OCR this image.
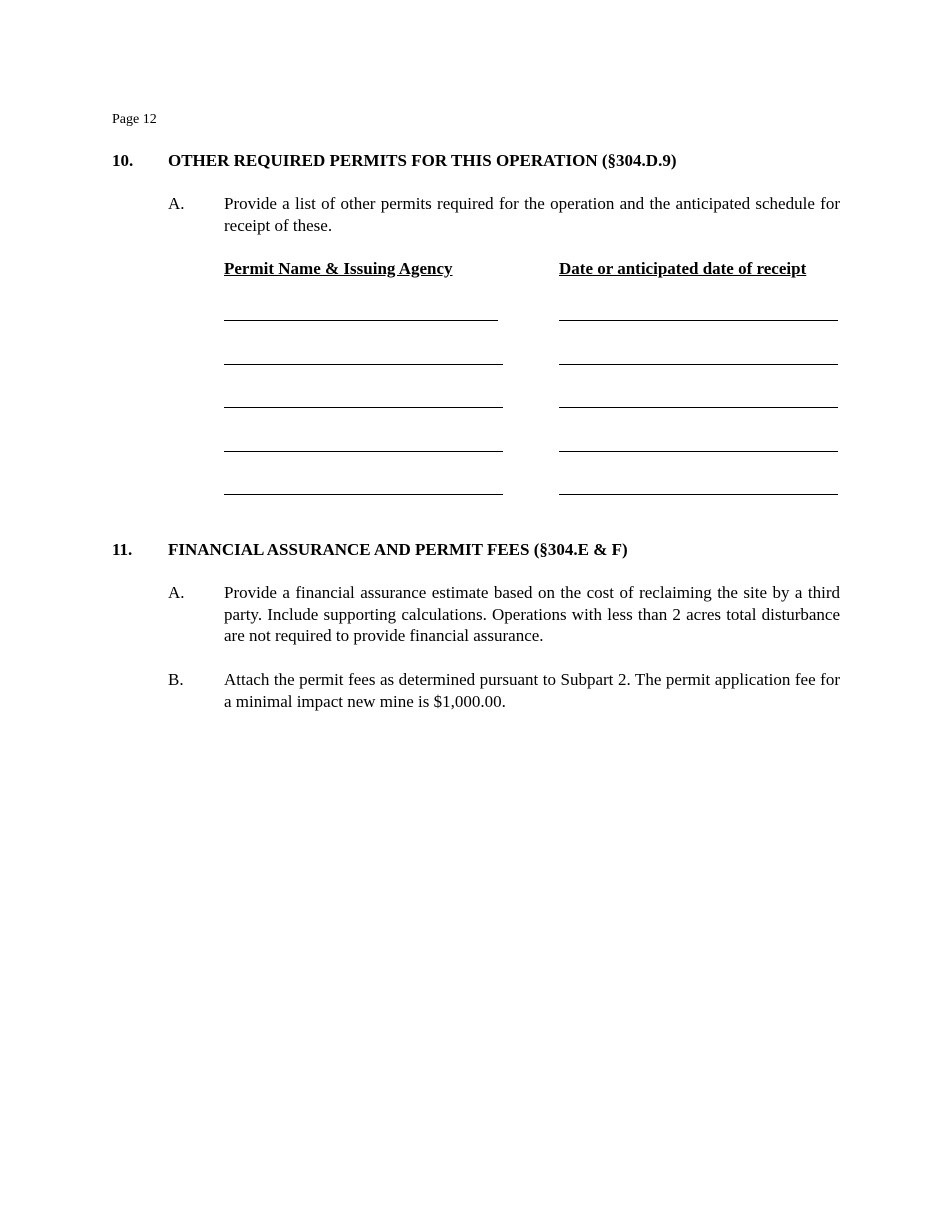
Page 12
10. OTHER REQUIRED PERMITS FOR THIS OPERATION (§304.D.9)
A. Provide a list of other permits required for the operation and the anticipated schedule for receipt of these.
Permit Name & Issuing Agency	Date or anticipated date of receipt
11. FINANCIAL ASSURANCE AND PERMIT FEES (§304.E & F)
A. Provide a financial assurance estimate based on the cost of reclaiming the site by a third party. Include supporting calculations. Operations with less than 2 acres total disturbance are not required to provide financial assurance.
B. Attach the permit fees as determined pursuant to Subpart 2. The permit application fee for a minimal impact new mine is $1,000.00.
